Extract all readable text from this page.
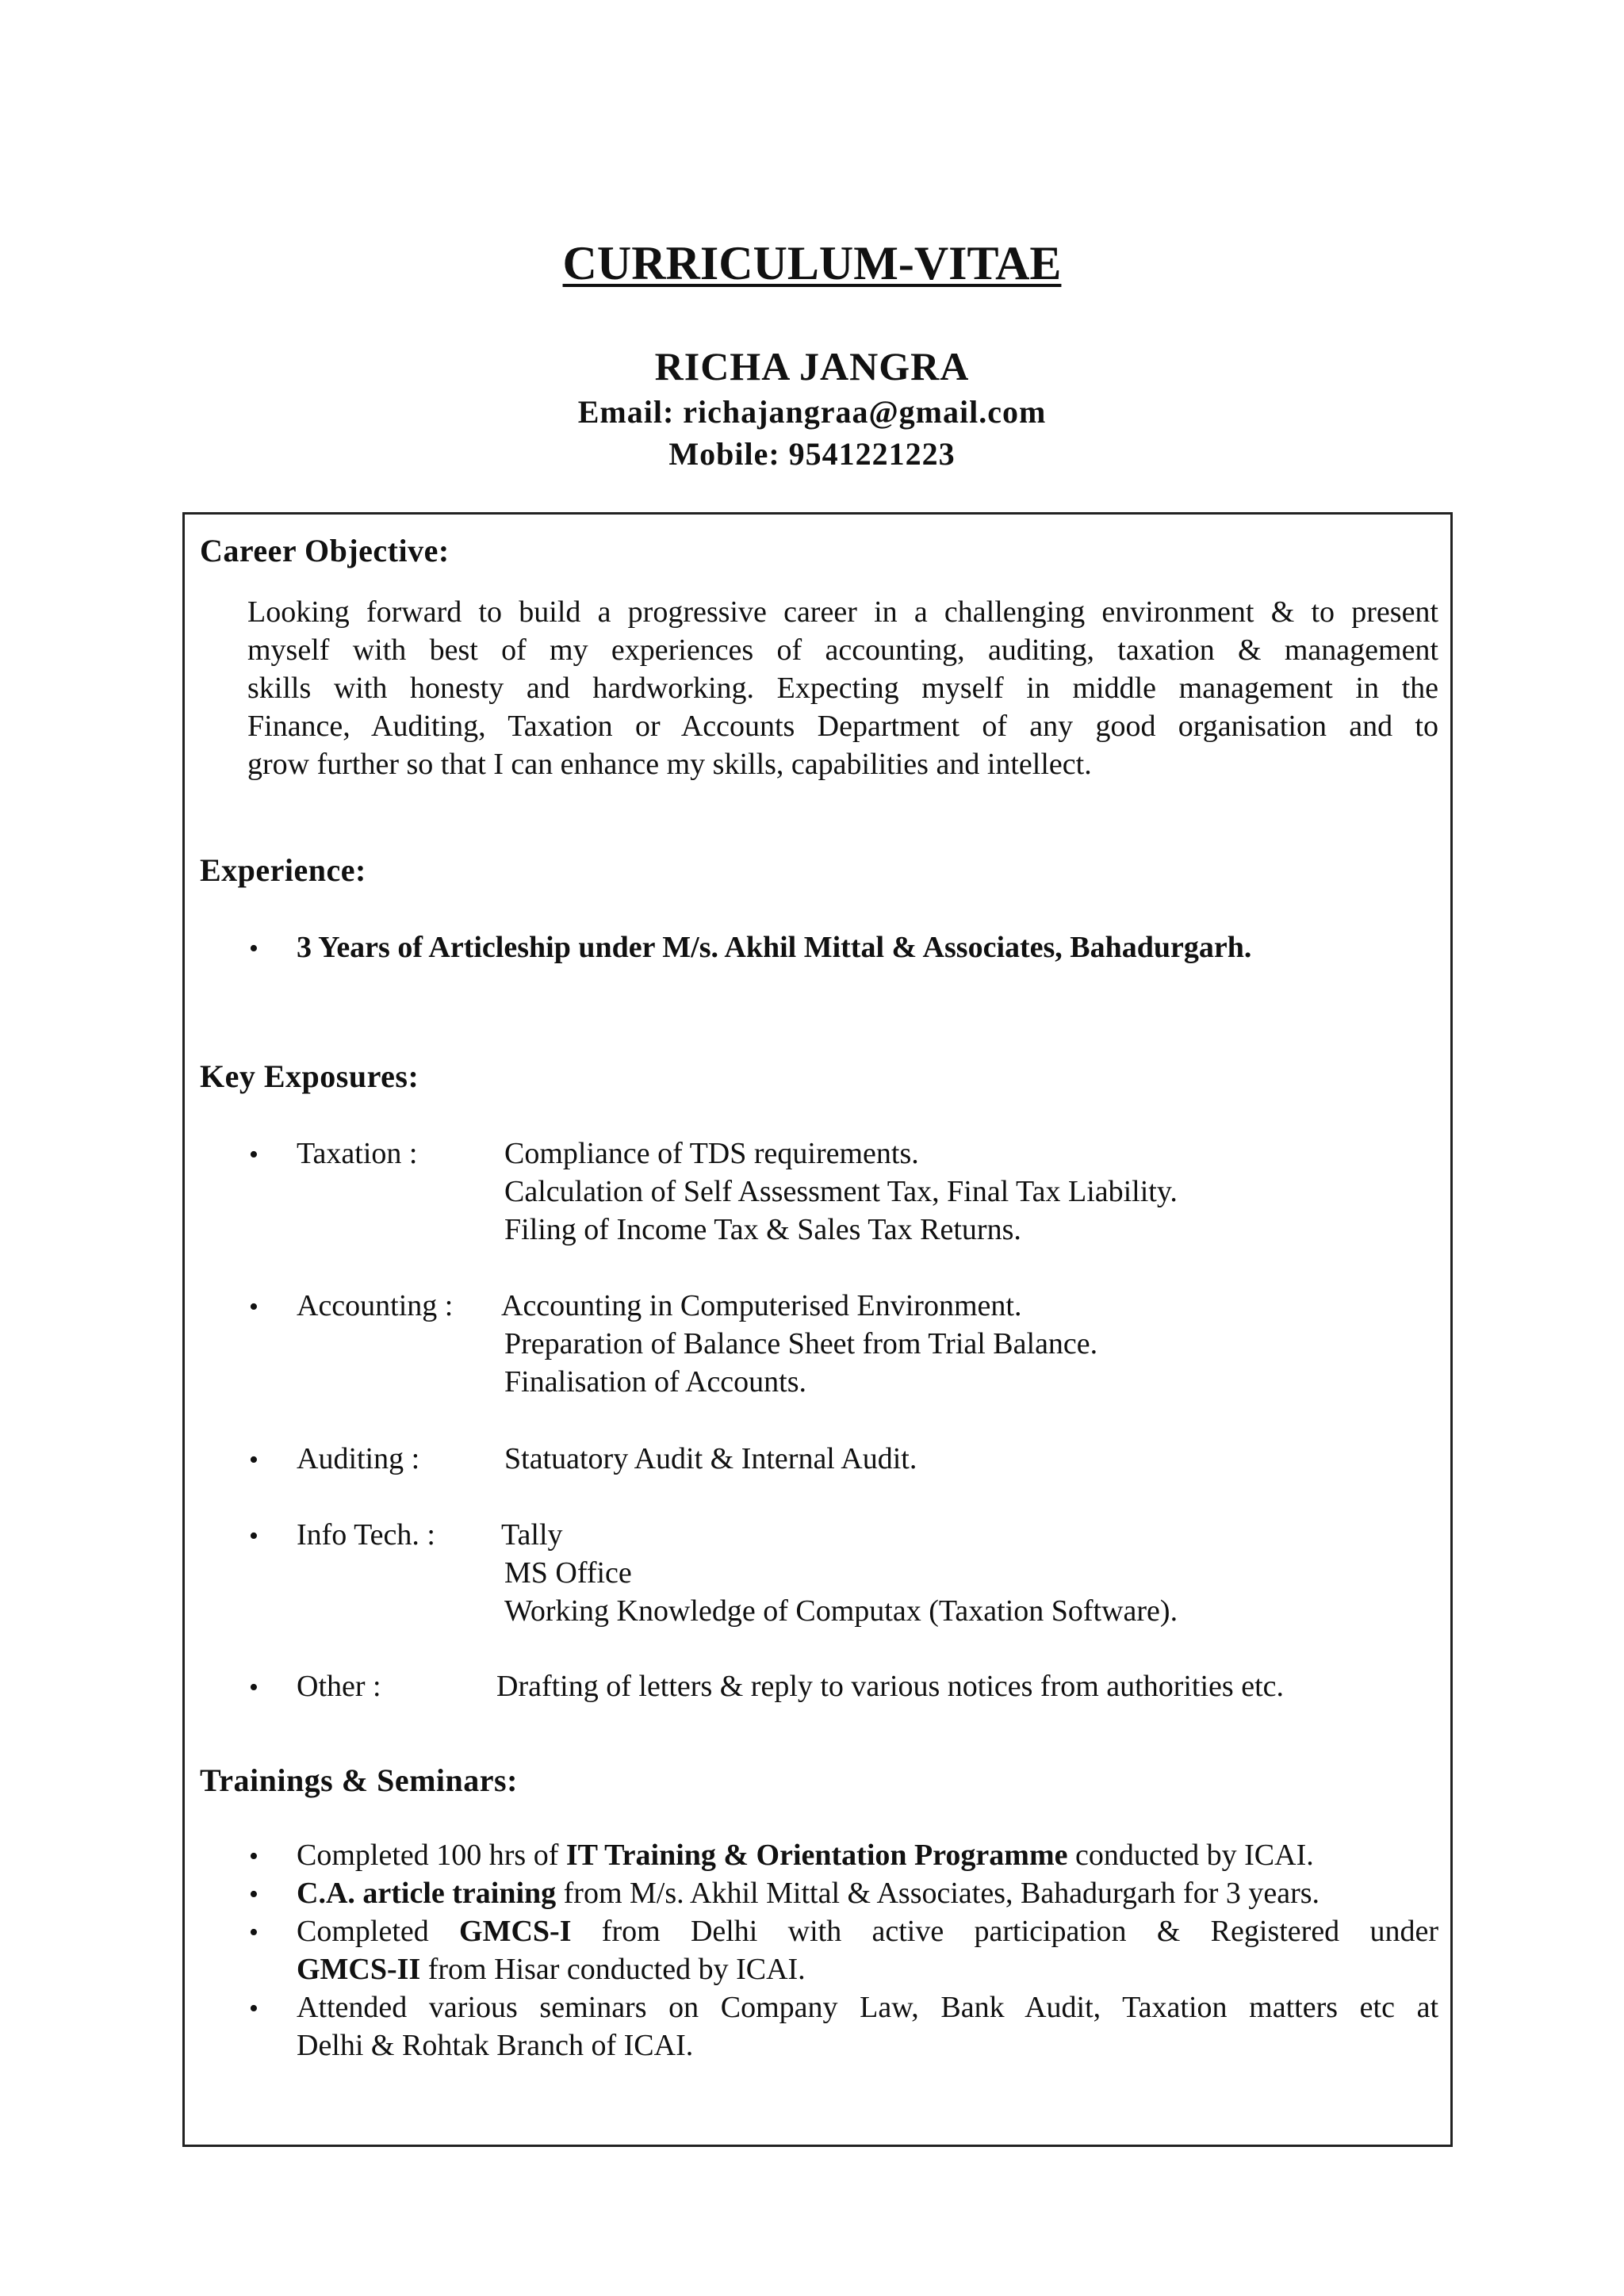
CURRICULUM-VITAE
RICHA JANGRA
Email: richajangraa@gmail.com
Mobile: 9541221223
Career Objective:
Looking forward to build a progressive career in a challenging environment & to present
myself with best of my experiences of accounting, auditing, taxation & management
skills with honesty and hardworking. Expecting myself in middle management in the
Finance, Auditing, Taxation or Accounts Department of any good organisation and to
grow further so that I can enhance my skills, capabilities and intellect.
Experience:
• 3 Years of Articleship under M/s. Akhil Mittal & Associates, Bahadurgarh.
Key Exposures:
• Taxation :	Compliance of TDS requirements.
Calculation of Self Assessment Tax, Final Tax Liability.
Filing of Income Tax & Sales Tax Returns.
• Accounting : Accounting in Computerised Environment.
Preparation of Balance Sheet from Trial Balance.
Finalisation of Accounts.
• Auditing :	Statuatory Audit & Internal Audit.
• Info Tech. : Tally
MS Office
Working Knowledge of Computax (Taxation Software).
• Other :	Drafting of letters & reply to various notices from authorities etc.
Trainings & Seminars:
• Completed 100 hrs of IT Training & Orientation Programme conducted by ICAI.
• C.A. article training from M/s. Akhil Mittal & Associates, Bahadurgarh for 3 years.
• Completed GMCS-I from Delhi with active participation & Registered under
GMCS-II from Hisar conducted by ICAI.
• Attended various seminars on Company Law, Bank Audit, Taxation matters etc at
Delhi & Rohtak Branch of ICAI.
